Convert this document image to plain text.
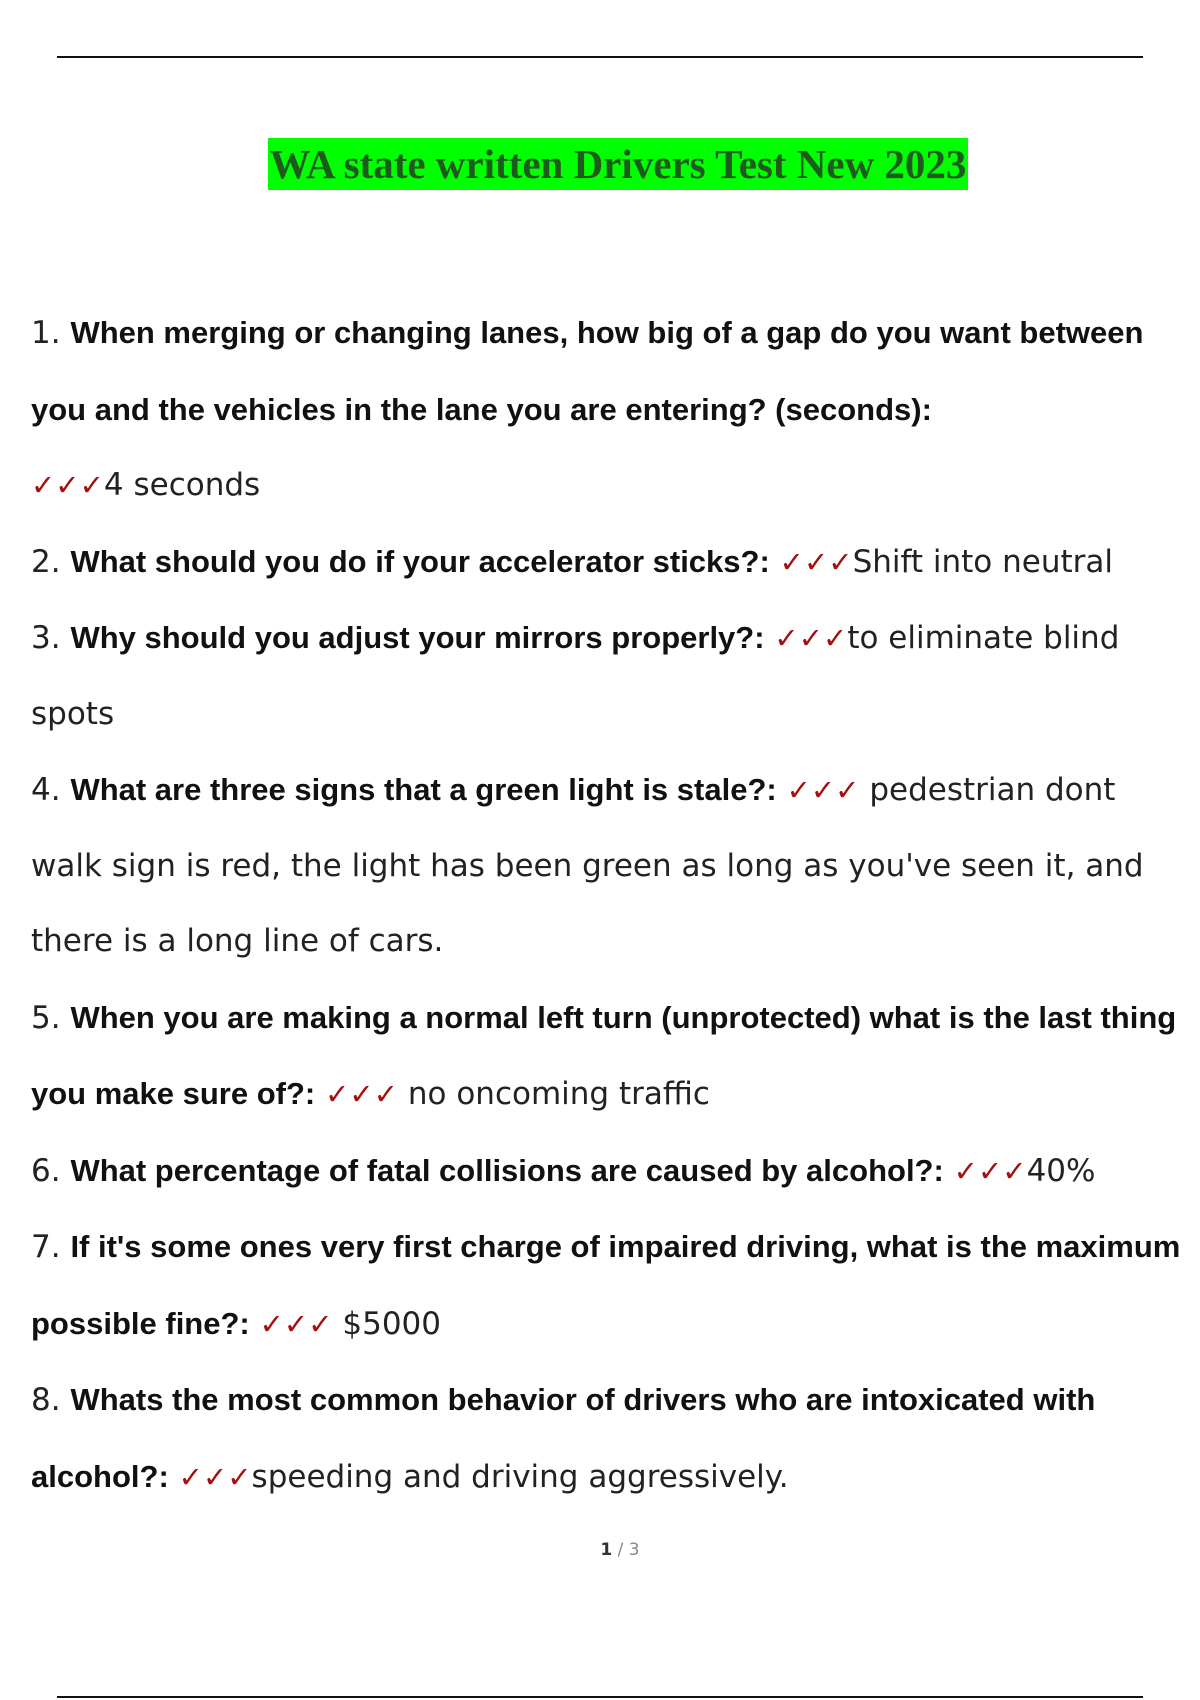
WA state written Drivers Test New 2023
1. When merging or changing lanes, how big of a gap do you want between you and the vehicles in the lane you are entering? (seconds):
✓✓✓4 seconds
2. What should you do if your accelerator sticks?: ✓✓✓Shift into neutral
3. Why should you adjust your mirrors properly?: ✓✓✓to eliminate blind spots
4. What are three signs that a green light is stale?: ✓✓✓ pedestrian dont walk sign is red, the light has been green as long as you've seen it, and there is a long line of cars.
5. When you are making a normal left turn (unprotected) what is the last thing you make sure of?: ✓✓✓ no oncoming traffic
6. What percentage of fatal collisions are caused by alcohol?: ✓✓✓40%
7. If it's some ones very first charge of impaired driving, what is the maximum possible fine?: ✓✓✓ $5000
8. Whats the most common behavior of drivers who are intoxicated with alcohol?: ✓✓✓speeding and driving aggressively.
1 / 3
